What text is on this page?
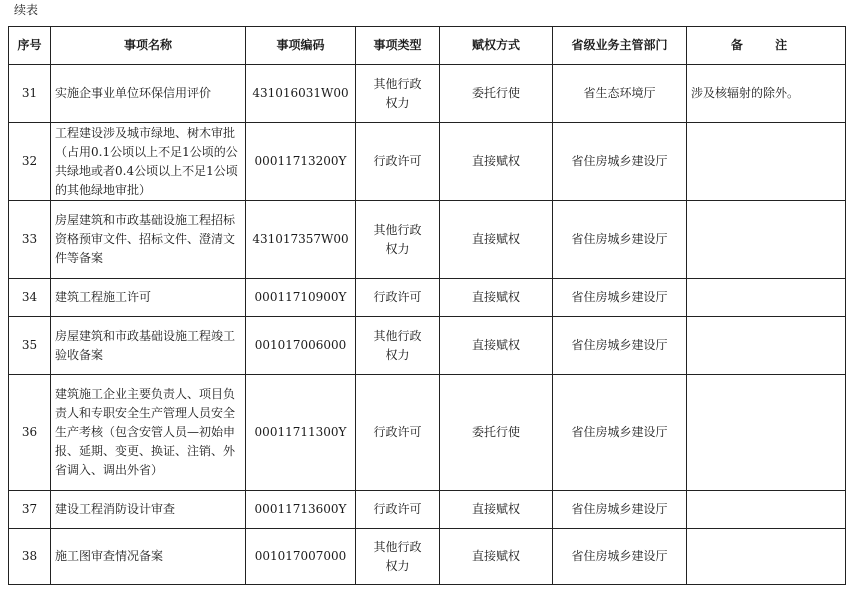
续表
序号	事项名称	事项编码	事项类型	赋权方式	省级业务主管部门	备 注

31	实施企事业单位环保信用评价	431016031W00	其他行政权力	委托行使	省生态环境厅	涉及核辐射的除外。

32	工程建设涉及城市绿地、树木审批（占用0.1公顷以上不足1公顷的公共绿地或者0.4公顷以上不足1公顷的其他绿地审批）	00011713200Y	行政许可	直接赋权	省住房城乡建设厅	

33	房屋建筑和市政基础设施工程招标资格预审文件、招标文件、澄清文件等备案	431017357W00	其他行政权力	直接赋权	省住房城乡建设厅	

34	建筑工程施工许可	00011710900Y	行政许可	直接赋权	省住房城乡建设厅	

35	房屋建筑和市政基础设施工程竣工验收备案	001017006000	其他行政权力	直接赋权	省住房城乡建设厅	

36	建筑施工企业主要负责人、项目负责人和专职安全生产管理人员安全生产考核（包含安管人员—初始申报、延期、变更、换证、注销、外省调入、调出外省）	00011711300Y	行政许可	委托行使	省住房城乡建设厅	

37	建设工程消防设计审查	00011713600Y	行政许可	直接赋权	省住房城乡建设厅	

38	施工图审查情况备案	001017007000	其他行政权力	直接赋权	省住房城乡建设厅	
